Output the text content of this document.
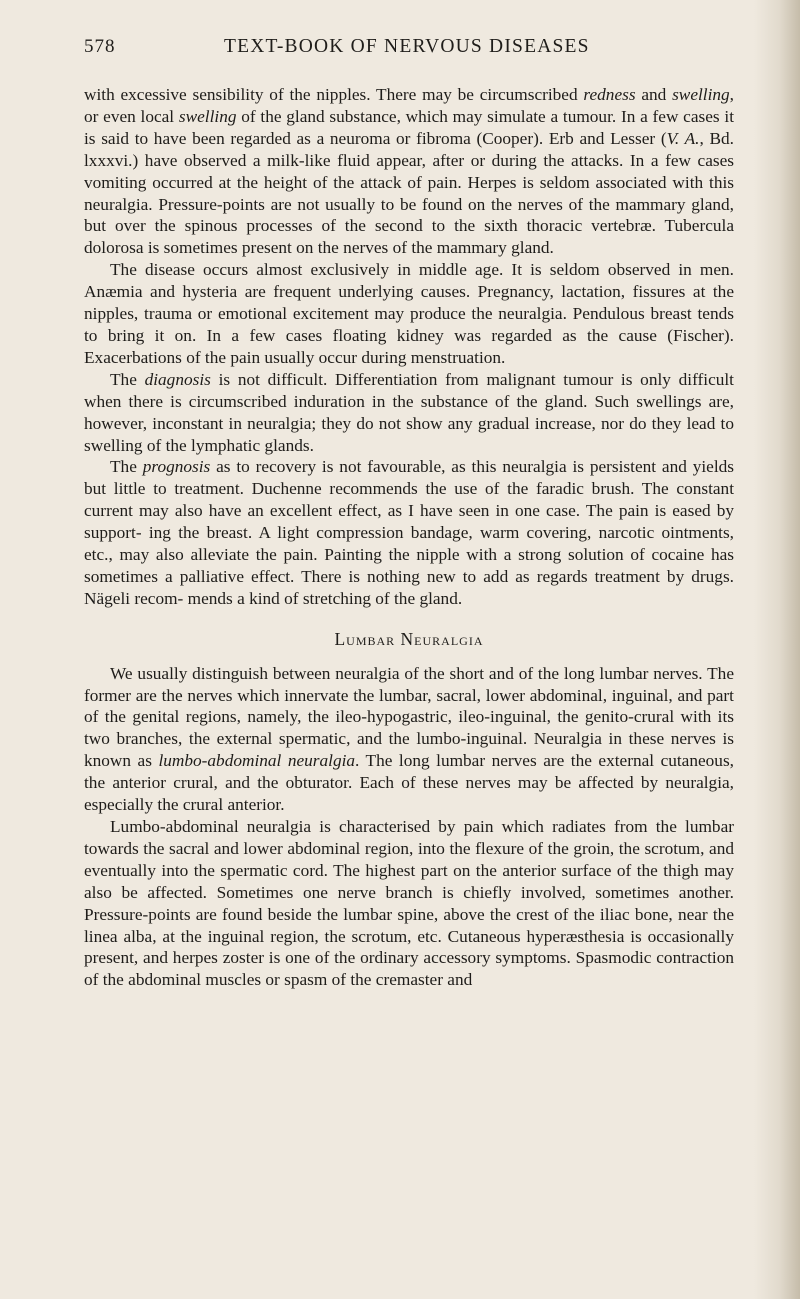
578	TEXT-BOOK OF NERVOUS DISEASES

with excessive sensibility of the nipples. There may be circumscribed redness and swelling, or even local swelling of the gland substance, which may simulate a tumour. In a few cases it is said to have been regarded as a neuroma or fibroma (Cooper). Erb and Lesser (V. A., Bd. lxxxvi.) have observed a milk-like fluid appear, after or during the attacks. In a few cases vomiting occurred at the height of the attack of pain. Herpes is seldom associated with this neuralgia. Pressure-points are not usually to be found on the nerves of the mammary gland, but over the spinous processes of the second to the sixth thoracic vertebræ. Tubercula dolorosa is sometimes present on the nerves of the mammary gland.

The disease occurs almost exclusively in middle age. It is seldom observed in men. Anæmia and hysteria are frequent underlying causes. Pregnancy, lactation, fissures at the nipples, trauma or emotional excitement may produce the neuralgia. Pendulous breast tends to bring it on. In a few cases floating kidney was regarded as the cause (Fischer). Exacerbations of the pain usually occur during menstruation.

The diagnosis is not difficult. Differentiation from malignant tumour is only difficult when there is circumscribed induration in the substance of the gland. Such swellings are, however, inconstant in neuralgia; they do not show any gradual increase, nor do they lead to swelling of the lymphatic glands.

The prognosis as to recovery is not favourable, as this neuralgia is persistent and yields but little to treatment. Duchenne recommends the use of the faradic brush. The constant current may also have an excellent effect, as I have seen in one case. The pain is eased by support- ing the breast. A light compression bandage, warm covering, narcotic ointments, etc., may also alleviate the pain. Painting the nipple with a strong solution of cocaine has sometimes a palliative effect. There is nothing new to add as regards treatment by drugs. Nägeli recom- mends a kind of stretching of the gland.

Lumbar Neuralgia

We usually distinguish between neuralgia of the short and of the long lumbar nerves. The former are the nerves which innervate the lumbar, sacral, lower abdominal, inguinal, and part of the genital regions, namely, the ileo-hypogastric, ileo-inguinal, the genito-crural with its two branches, the external spermatic, and the lumbo-inguinal. Neuralgia in these nerves is known as lumbo-abdominal neuralgia. The long lumbar nerves are the external cutaneous, the anterior crural, and the obturator. Each of these nerves may be affected by neuralgia, especially the crural anterior.

Lumbo-abdominal neuralgia is characterised by pain which radiates from the lumbar towards the sacral and lower abdominal region, into the flexure of the groin, the scrotum, and eventually into the spermatic cord. The highest part on the anterior surface of the thigh may also be affected. Sometimes one nerve branch is chiefly involved, sometimes another. Pressure-points are found beside the lumbar spine, above the crest of the iliac bone, near the linea alba, at the inguinal region, the scrotum, etc. Cutaneous hyperæsthesia is occasionally present, and herpes zoster is one of the ordinary accessory symptoms. Spasmodic contraction of the abdominal muscles or spasm of the cremaster and
